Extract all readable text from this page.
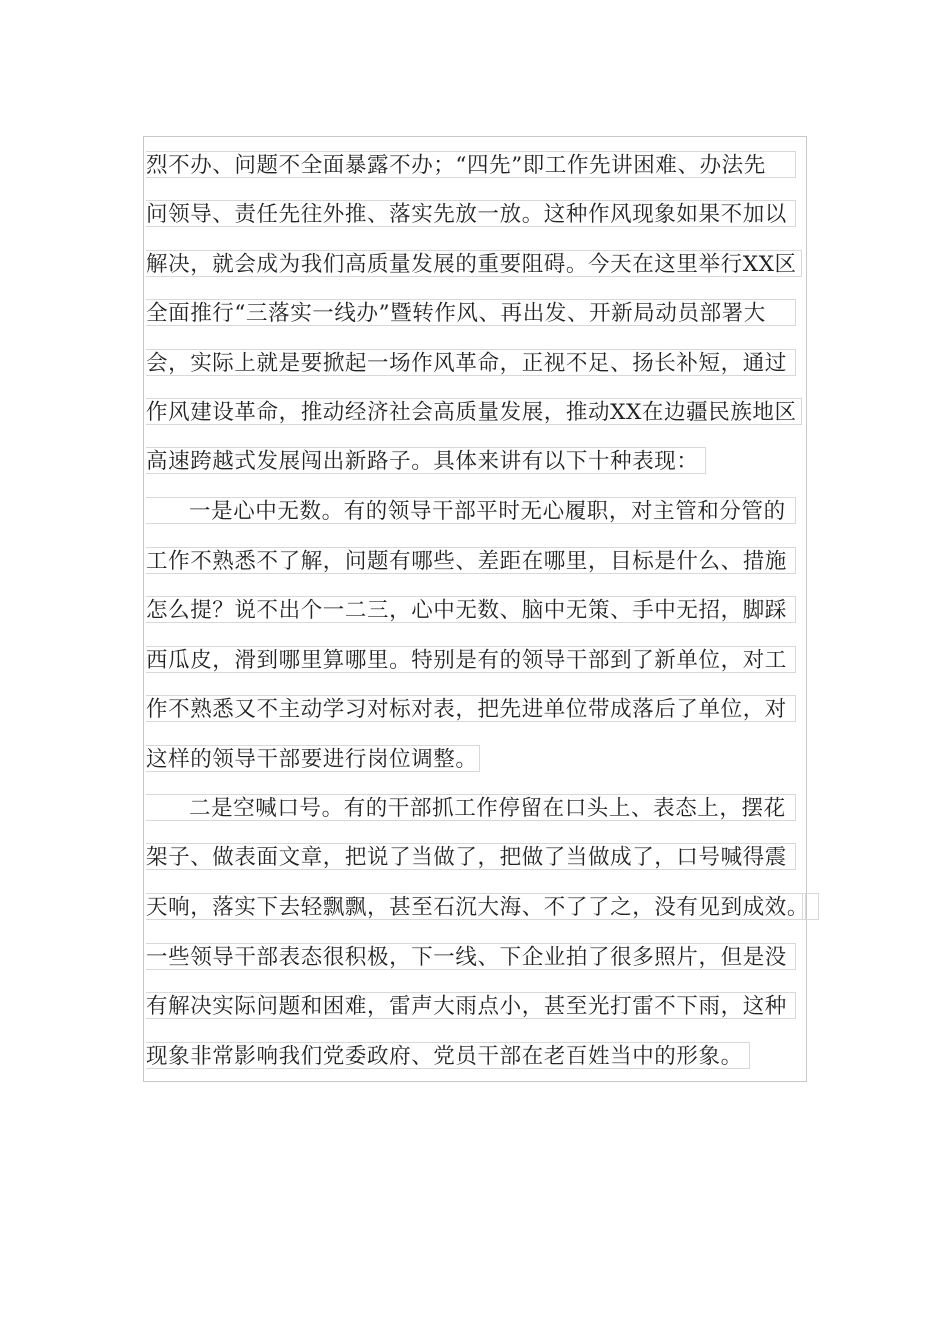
烈不办、问题不全面暴露不办；“四先”即工作先讲困难、办法先
问领导、责任先往外推、落实先放一放。这种作风现象如果不加以
解决，就会成为我们高质量发展的重要阻碍。今天在这里举行XX区
全面推行“三落实一线办”暨转作风、再出发、开新局动员部署大
会，实际上就是要掀起一场作风革命，正视不足、扬长补短，通过
作风建设革命，推动经济社会高质量发展，推动XX在边疆民族地区
高速跨越式发展闯出新路子。具体来讲有以下十种表现：
一是心中无数。有的领导干部平时无心履职，对主管和分管的
工作不熟悉不了解，问题有哪些、差距在哪里，目标是什么、措施
怎么提？说不出个一二三，心中无数、脑中无策、手中无招，脚踩
西瓜皮，滑到哪里算哪里。特别是有的领导干部到了新单位，对工
作不熟悉又不主动学习对标对表，把先进单位带成落后了单位，对
这样的领导干部要进行岗位调整。
二是空喊口号。有的干部抓工作停留在口头上、表态上，摆花
架子、做表面文章，把说了当做了，把做了当做成了，口号喊得震
天响，落实下去轻飘飘，甚至石沉大海、不了了之，没有见到成效。
一些领导干部表态很积极，下一线、下企业拍了很多照片，但是没
有解决实际问题和困难，雷声大雨点小，甚至光打雷不下雨，这种
现象非常影响我们党委政府、党员干部在老百姓当中的形象。
